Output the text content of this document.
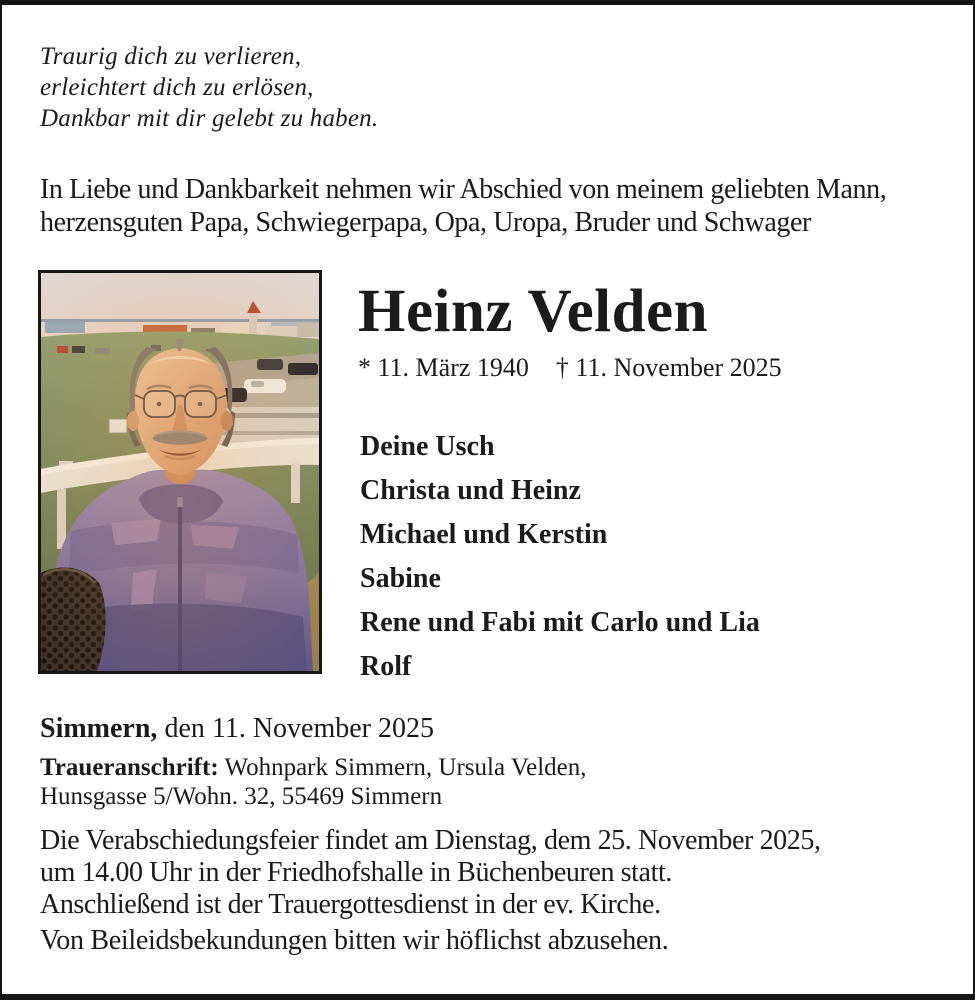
Traurig dich zu verlieren,
erleichtert dich zu erlösen,
Dankbar mit dir gelebt zu haben.
In Liebe und Dankbarkeit nehmen wir Abschied von meinem geliebten Mann,
herzensguten Papa, Schwiegerpapa, Opa, Uropa, Bruder und Schwager
Heinz Velden
* 11. März 1940 † 11. November 2025
Deine Usch
Christa und Heinz
Michael und Kerstin
Sabine
Rene und Fabi mit Carlo und Lia
Rolf
Simmern, den 11. November 2025
Traueranschrift: Wohnpark Simmern, Ursula Velden,
Hunsgasse 5/Wohn. 32, 55469 Simmern
Die Verabschiedungsfeier findet am Dienstag, dem 25. November 2025,
um 14.00 Uhr in der Friedhofshalle in Büchenbeuren statt.
Anschließend ist der Trauergottesdienst in der ev. Kirche.
Von Beileidsbekundungen bitten wir höflichst abzusehen.
